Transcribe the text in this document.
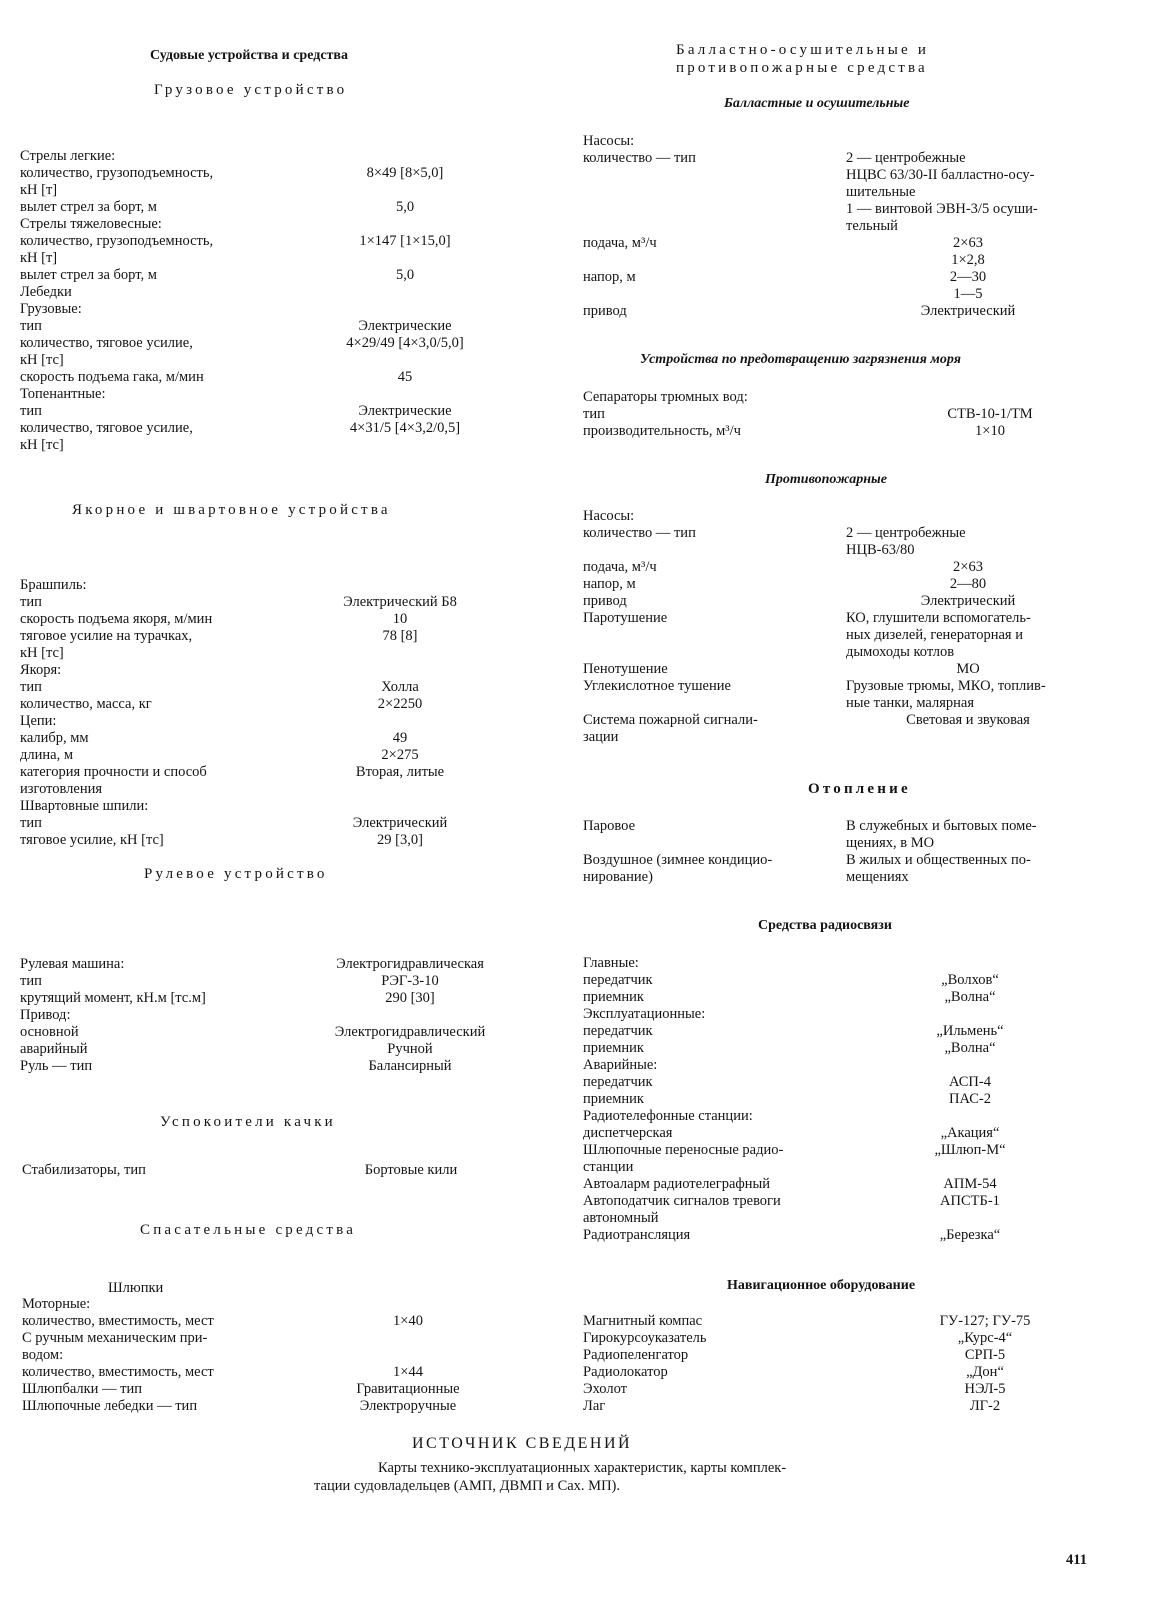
Судовые устройства и средства
Грузовое устройство
Стрелы легкие:
количество, грузоподъемность,	8×49 [8×5,0]
кН [т]
вылет стрел за борт, м	5,0
Стрелы тяжеловесные:
количество, грузоподъемность,	1×147 [1×15,0]
кН [т]
вылет стрел за борт, м	5,0
Лебедки
Грузовые:
тип	Электрические
количество, тяговое усилие,	4×29/49 [4×3,0/5,0]
кН [тс]
скорость подъема гака, м/мин	45
Топенантные:
тип	Электрические
количество, тяговое усилие,	4×31/5 [4×3,2/0,5]
кН [тс]
Якорное и швартовное устройства
Брашпиль:
тип	Электрический Б8
скорость подъема якоря, м/мин	10
тяговое усилие на турачках,	78 [8]
кН [тс]
Якоря:
тип	Холла
количество, масса, кг	2×2250
Цепи:
калибр, мм	49
длина, м	2×275
категория прочности и способ	Вторая, литые
изготовления
Швартовные шпили:
тип	Электрический
тяговое усилие, кН [тс]	29 [3,0]
Рулевое устройство
Рулевая машина:	Электрогидравлическая
тип	РЭГ-3-10
крутящий момент, кН.м [тс.м]	290 [30]
Привод:
основной	Электрогидравлический
аварийный	Ручной
Руль — тип	Балансирный
Успокоители качки
Стабилизаторы, тип	Бортовые кили
Спасательные средства
Шлюпки
Моторные:
количество, вместимость, мест	1×40
С ручным механическим при-
водом:
количество, вместимость, мест	1×44
Шлюпбалки — тип	Гравитационные
Шлюпочные лебедки — тип	Электроручные
Балластно-осушительные и
противопожарные средства
Балластные и осушительные
Насосы:
количество — тип	2 — центробежные
НЦВС 63/30-II балластно-осу-
шительные
1 — винтовой ЭВН-3/5 осуши-
тельный
подача, м³/ч	2×63
1×2,8
напор, м	2—30
1—5
привод	Электрический
Устройства по предотвращению загрязнения моря
Сепараторы трюмных вод:
тип	СТВ-10-1/ТМ
производительность, м³/ч	1×10
Противопожарные
Насосы:
количество — тип	2 — центробежные
НЦВ-63/80
подача, м³/ч	2×63
напор, м	2—80
привод	Электрический
Паротушение	КО, глушители вспомогатель-
ных дизелей, генераторная и
дымоходы котлов
Пенотушение	МО
Углекислотное тушение	Грузовые трюмы, МКО, топлив-
ные танки, малярная
Система пожарной сигнали-	Световая и звуковая
зации
Отопление
Паровое	В служебных и бытовых поме-
щениях, в МО
Воздушное (зимнее кондицио-	В жилых и общественных по-
нирование)	мещениях
Средства радиосвязи
Главные:
передатчик	„Волхов“
приемник	„Волна“
Эксплуатационные:
передатчик	„Ильмень“
приемник	„Волна“
Аварийные:
передатчик	АСП-4
приемник	ПАС-2
Радиотелефонные станции:
диспетчерская	„Акация“
Шлюпочные переносные радио-	„Шлюп-М“
станции
Автоаларм радиотелеграфный	АПМ-54
Автоподатчик сигналов тревоги	АПСТБ-1
автономный
Радиотрансляция	„Березка“
Навигационное оборудование
Магнитный компас	ГУ-127; ГУ-75
Гирокурсоуказатель	„Курс-4“
Радиопеленгатор	СРП-5
Радиолокатор	„Дон“
Эхолот	НЭЛ-5
Лаг	ЛГ-2
ИСТОЧНИК СВЕДЕНИЙ
Карты технико-эксплуатационных характеристик, карты комплек-
тации судовладельцев (АМП, ДВМП и Сах. МП).
411
